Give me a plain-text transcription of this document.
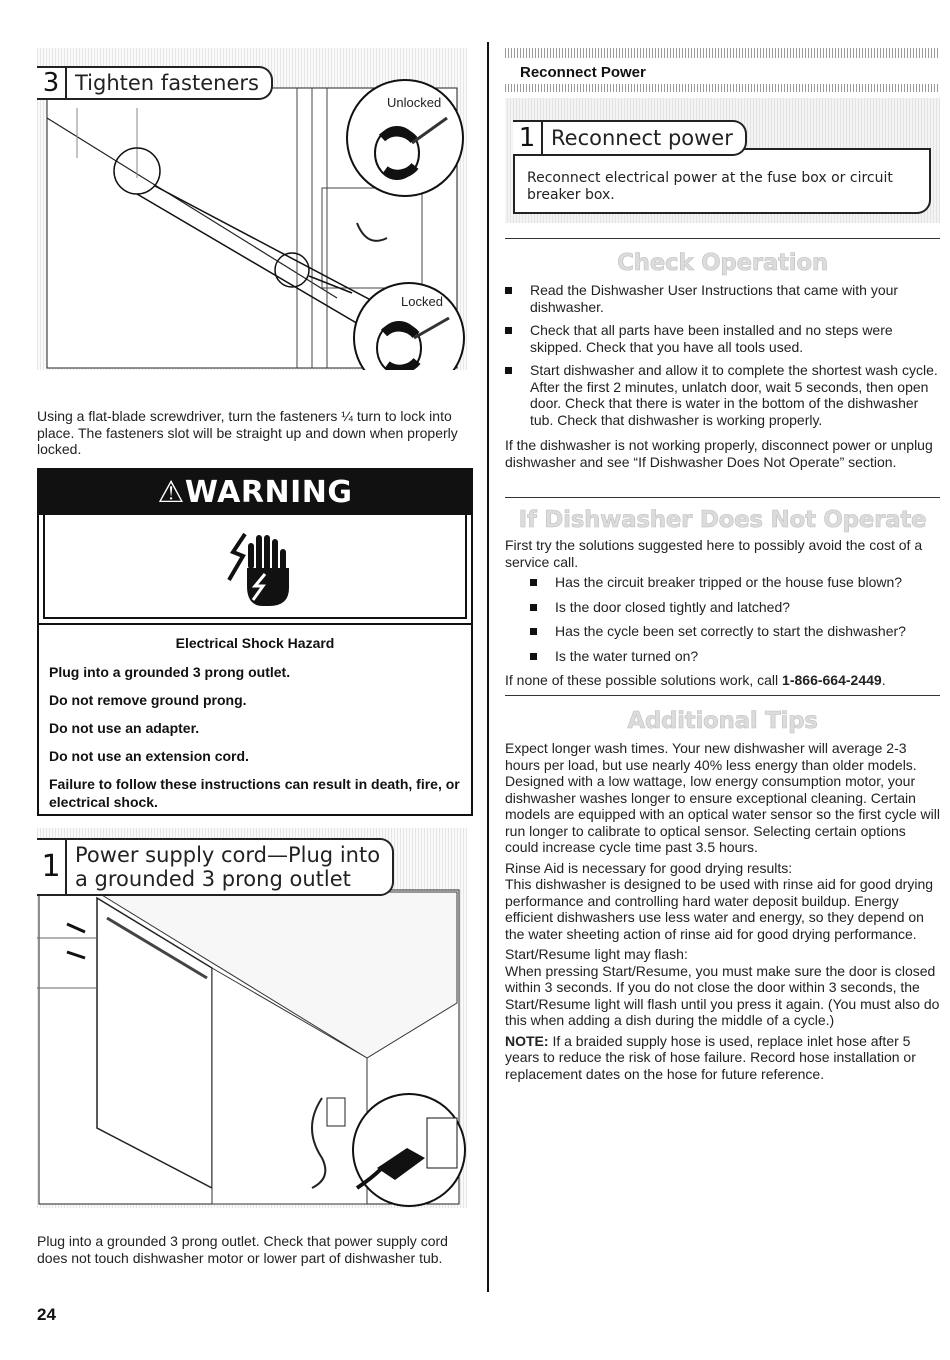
3 Tighten fasteners
Unlocked
Locked
Using a flat-blade screwdriver, turn the fasteners ¼ turn to lock into place. The fasteners slot will be straight up and down when properly locked.
⚠WARNING
Electrical Shock Hazard
Plug into a grounded 3 prong outlet.
Do not remove ground prong.
Do not use an adapter.
Do not use an extension cord.
Failure to follow these instructions can result in death, fire, or electrical shock.
1 Power supply cord—Plug into
a grounded 3 prong outlet
Plug into a grounded 3 prong outlet. Check that power supply cord does not touch dishwasher motor or lower part of dishwasher tub.
24
Reconnect Power
1 Reconnect power
Reconnect electrical power at the fuse box or circuit breaker box.
Check Operation
Read the Dishwasher User Instructions that came with your dishwasher.
Check that all parts have been installed and no steps were skipped. Check that you have all tools used.
Start dishwasher and allow it to complete the shortest wash cycle. After the first 2 minutes, unlatch door, wait 5 seconds, then open door. Check that there is water in the bottom of the dishwasher tub. Check that dishwasher is working properly.
If the dishwasher is not working properly, disconnect power or unplug dishwasher and see “If Dishwasher Does Not Operate” section.
If Dishwasher Does Not Operate
First try the solutions suggested here to possibly avoid the cost of a service call.
Has the circuit breaker tripped or the house fuse blown?
Is the door closed tightly and latched?
Has the cycle been set correctly to start the dishwasher?
Is the water turned on?
If none of these possible solutions work, call 1-866-664-2449.
Additional Tips

Expect longer wash times. Your new dishwasher will average 2-3 hours per load, but use nearly 40% less energy than older models. Designed with a low wattage, low energy consumption motor, your dishwasher washes longer to ensure exceptional cleaning. Certain models are equipped with an optical water sensor so the first cycle will run longer to calibrate to optical sensor. Selecting certain options could increase cycle time past 3.5 hours.

Rinse Aid is necessary for good drying results:

This dishwasher is designed to be used with rinse aid for good drying performance and controlling hard water deposit buildup. Energy efficient dishwashers use less water and energy, so they depend on the water sheeting action of rinse aid for good drying performance.

Start/Resume light may flash:

When pressing Start/Resume, you must make sure the door is closed within 3 seconds. If you do not close the door within 3 seconds, the Start/Resume light will flash until you press it again. (You must also do this when adding a dish during the middle of a cycle.)

NOTE: If a braided supply hose is used, replace inlet hose after 5 years to reduce the risk of hose failure. Record hose installation or replacement dates on the hose for future reference.
